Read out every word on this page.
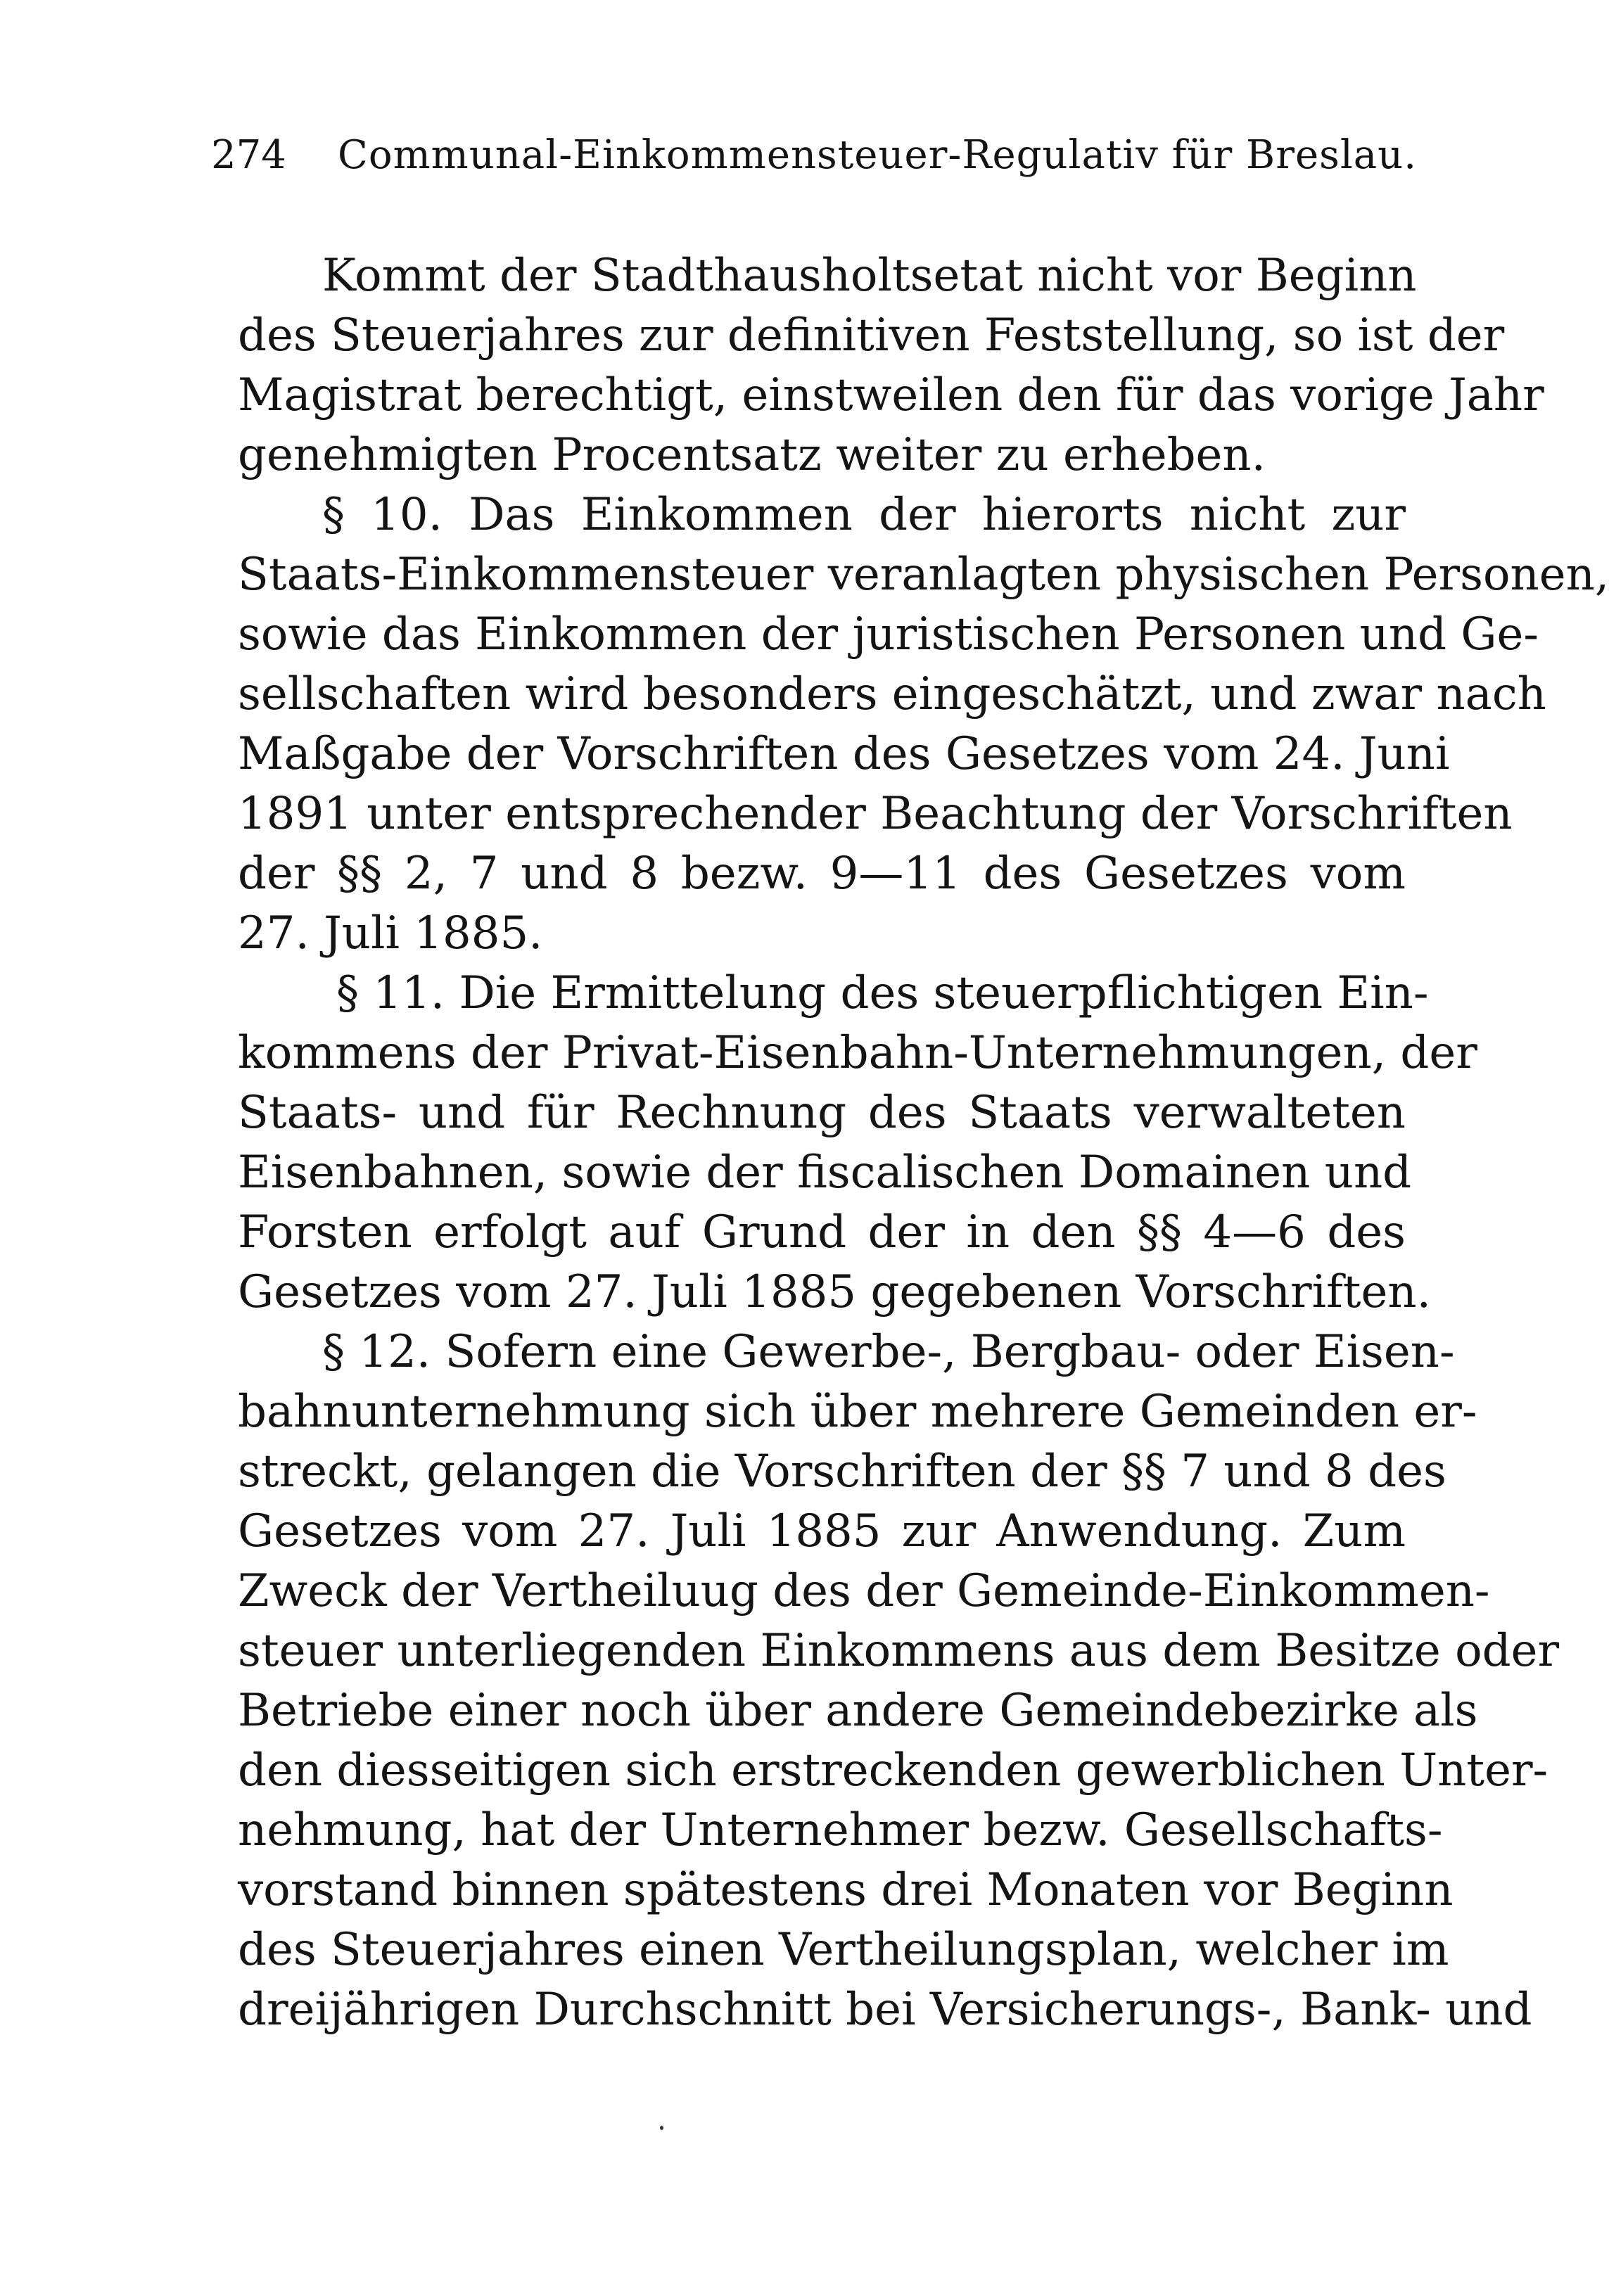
274 Communal-Einkommensteuer-Regulativ für Breslau.
Kommt der Stadthausholtsetat nicht vor Beginn
des Steuerjahres zur definitiven Feststellung, so ist der
Magistrat berechtigt, einstweilen den für das vorige Jahr
genehmigten Procentsatz weiter zu erheben.
§ 10. Das Einkommen der hierorts nicht zur
Staats-Einkommensteuer veranlagten physischen Personen,
sowie das Einkommen der juristischen Personen und Ge-
sellschaften wird besonders eingeschätzt, und zwar nach
Maßgabe der Vorschriften des Gesetzes vom 24. Juni
1891 unter entsprechender Beachtung der Vorschriften
der §§ 2, 7 und 8 bezw. 9—11 des Gesetzes vom
27. Juli 1885.
§ 11. Die Ermittelung des steuerpflichtigen Ein-
kommens der Privat-Eisenbahn-Unternehmungen, der
Staats- und für Rechnung des Staats verwalteten
Eisenbahnen, sowie der fiscalischen Domainen und
Forsten erfolgt auf Grund der in den §§ 4—6 des
Gesetzes vom 27. Juli 1885 gegebenen Vorschriften.
§ 12. Sofern eine Gewerbe-, Bergbau- oder Eisen-
bahnunternehmung sich über mehrere Gemeinden er-
streckt, gelangen die Vorschriften der §§ 7 und 8 des
Gesetzes vom 27. Juli 1885 zur Anwendung. Zum
Zweck der Vertheiluug des der Gemeinde-Einkommen-
steuer unterliegenden Einkommens aus dem Besitze oder
Betriebe einer noch über andere Gemeindebezirke als
den diesseitigen sich erstreckenden gewerblichen Unter-
nehmung, hat der Unternehmer bezw. Gesellschafts-
vorstand binnen spätestens drei Monaten vor Beginn
des Steuerjahres einen Vertheilungsplan, welcher im
dreijährigen Durchschnitt bei Versicherungs-, Bank- und
